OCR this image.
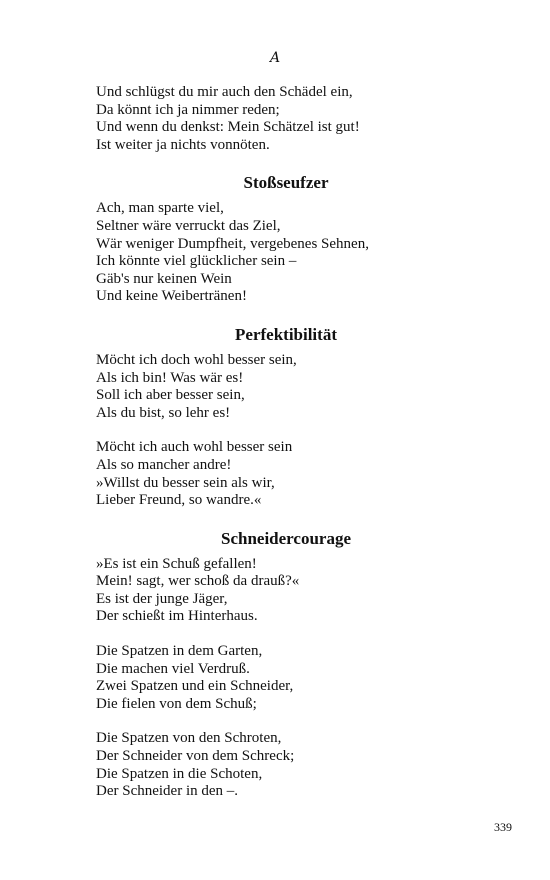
A
Und schlügst du mir auch den Schädel ein,
Da könnt ich ja nimmer reden;
Und wenn du denkst: Mein Schätzel ist gut!
Ist weiter ja nichts vonnöten.
Stoßseufzer
Ach, man sparte viel,
Seltner wäre verruckt das Ziel,
Wär weniger Dumpfheit, vergebenes Sehnen,
Ich könnte viel glücklicher sein –
Gäb's nur keinen Wein
Und keine Weibertränen!
Perfektibilität
Möcht ich doch wohl besser sein,
Als ich bin! Was wär es!
Soll ich aber besser sein,
Als du bist, so lehr es!
Möcht ich auch wohl besser sein
Als so mancher andre!
»Willst du besser sein als wir,
Lieber Freund, so wandre.«
Schneidercourage
»Es ist ein Schuß gefallen!
Mein! sagt, wer schoß da drauß?«
Es ist der junge Jäger,
Der schießt im Hinterhaus.
Die Spatzen in dem Garten,
Die machen viel Verdruß.
Zwei Spatzen und ein Schneider,
Die fielen von dem Schuß;
Die Spatzen von den Schroten,
Der Schneider von dem Schreck;
Die Spatzen in die Schoten,
Der Schneider in den –.
339
